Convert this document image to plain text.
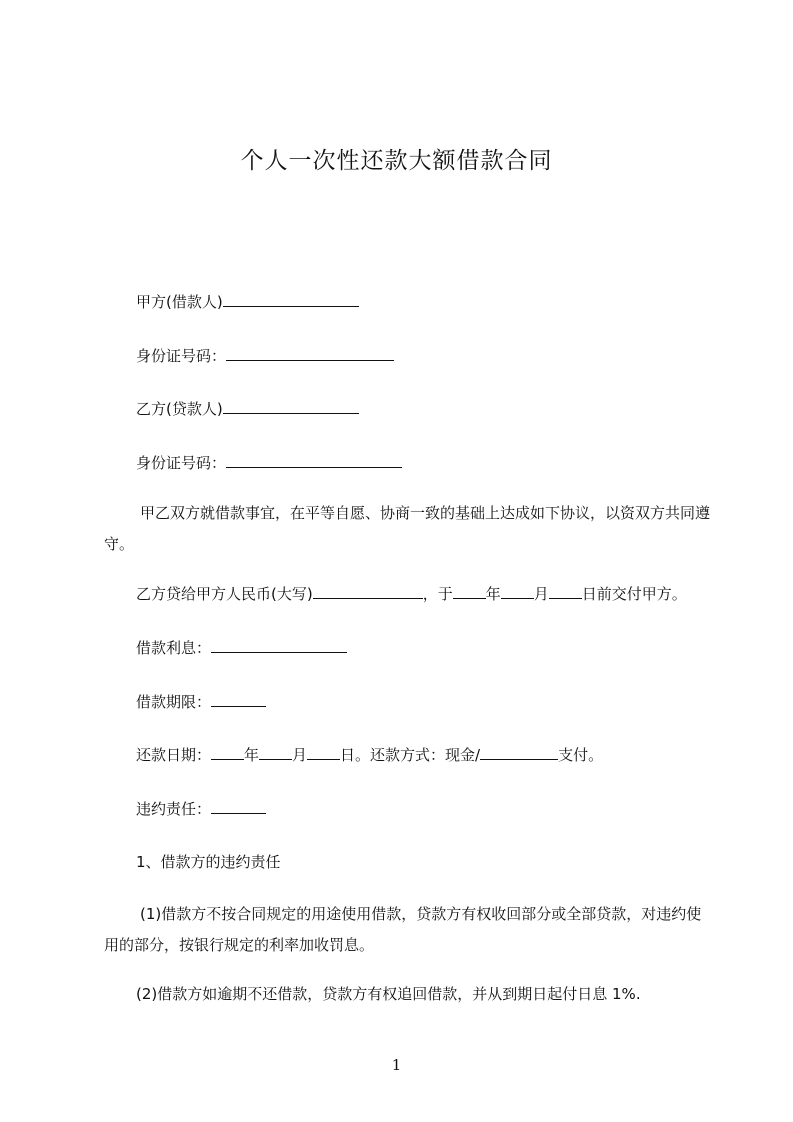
个人一次性还款大额借款合同
甲方(借款人)
身份证号码：
乙方(贷款人)
身份证号码：
甲乙双方就借款事宜，在平等自愿、协商一致的基础上达成如下协议，以资双方共同遵守。
乙方贷给甲方人民币(大写)	，于 年 月 日前交付甲方。
借款利息：
借款期限：
还款日期： 年 月 日。还款方式：现金/	支付。
违约责任：
1、借款方的违约责任
(1)借款方不按合同规定的用途使用借款，贷款方有权收回部分或全部贷款，对违约使用的部分，按银行规定的利率加收罚息。
(2)借款方如逾期不还借款，贷款方有权追回借款，并从到期日起付日息 1%.
1
